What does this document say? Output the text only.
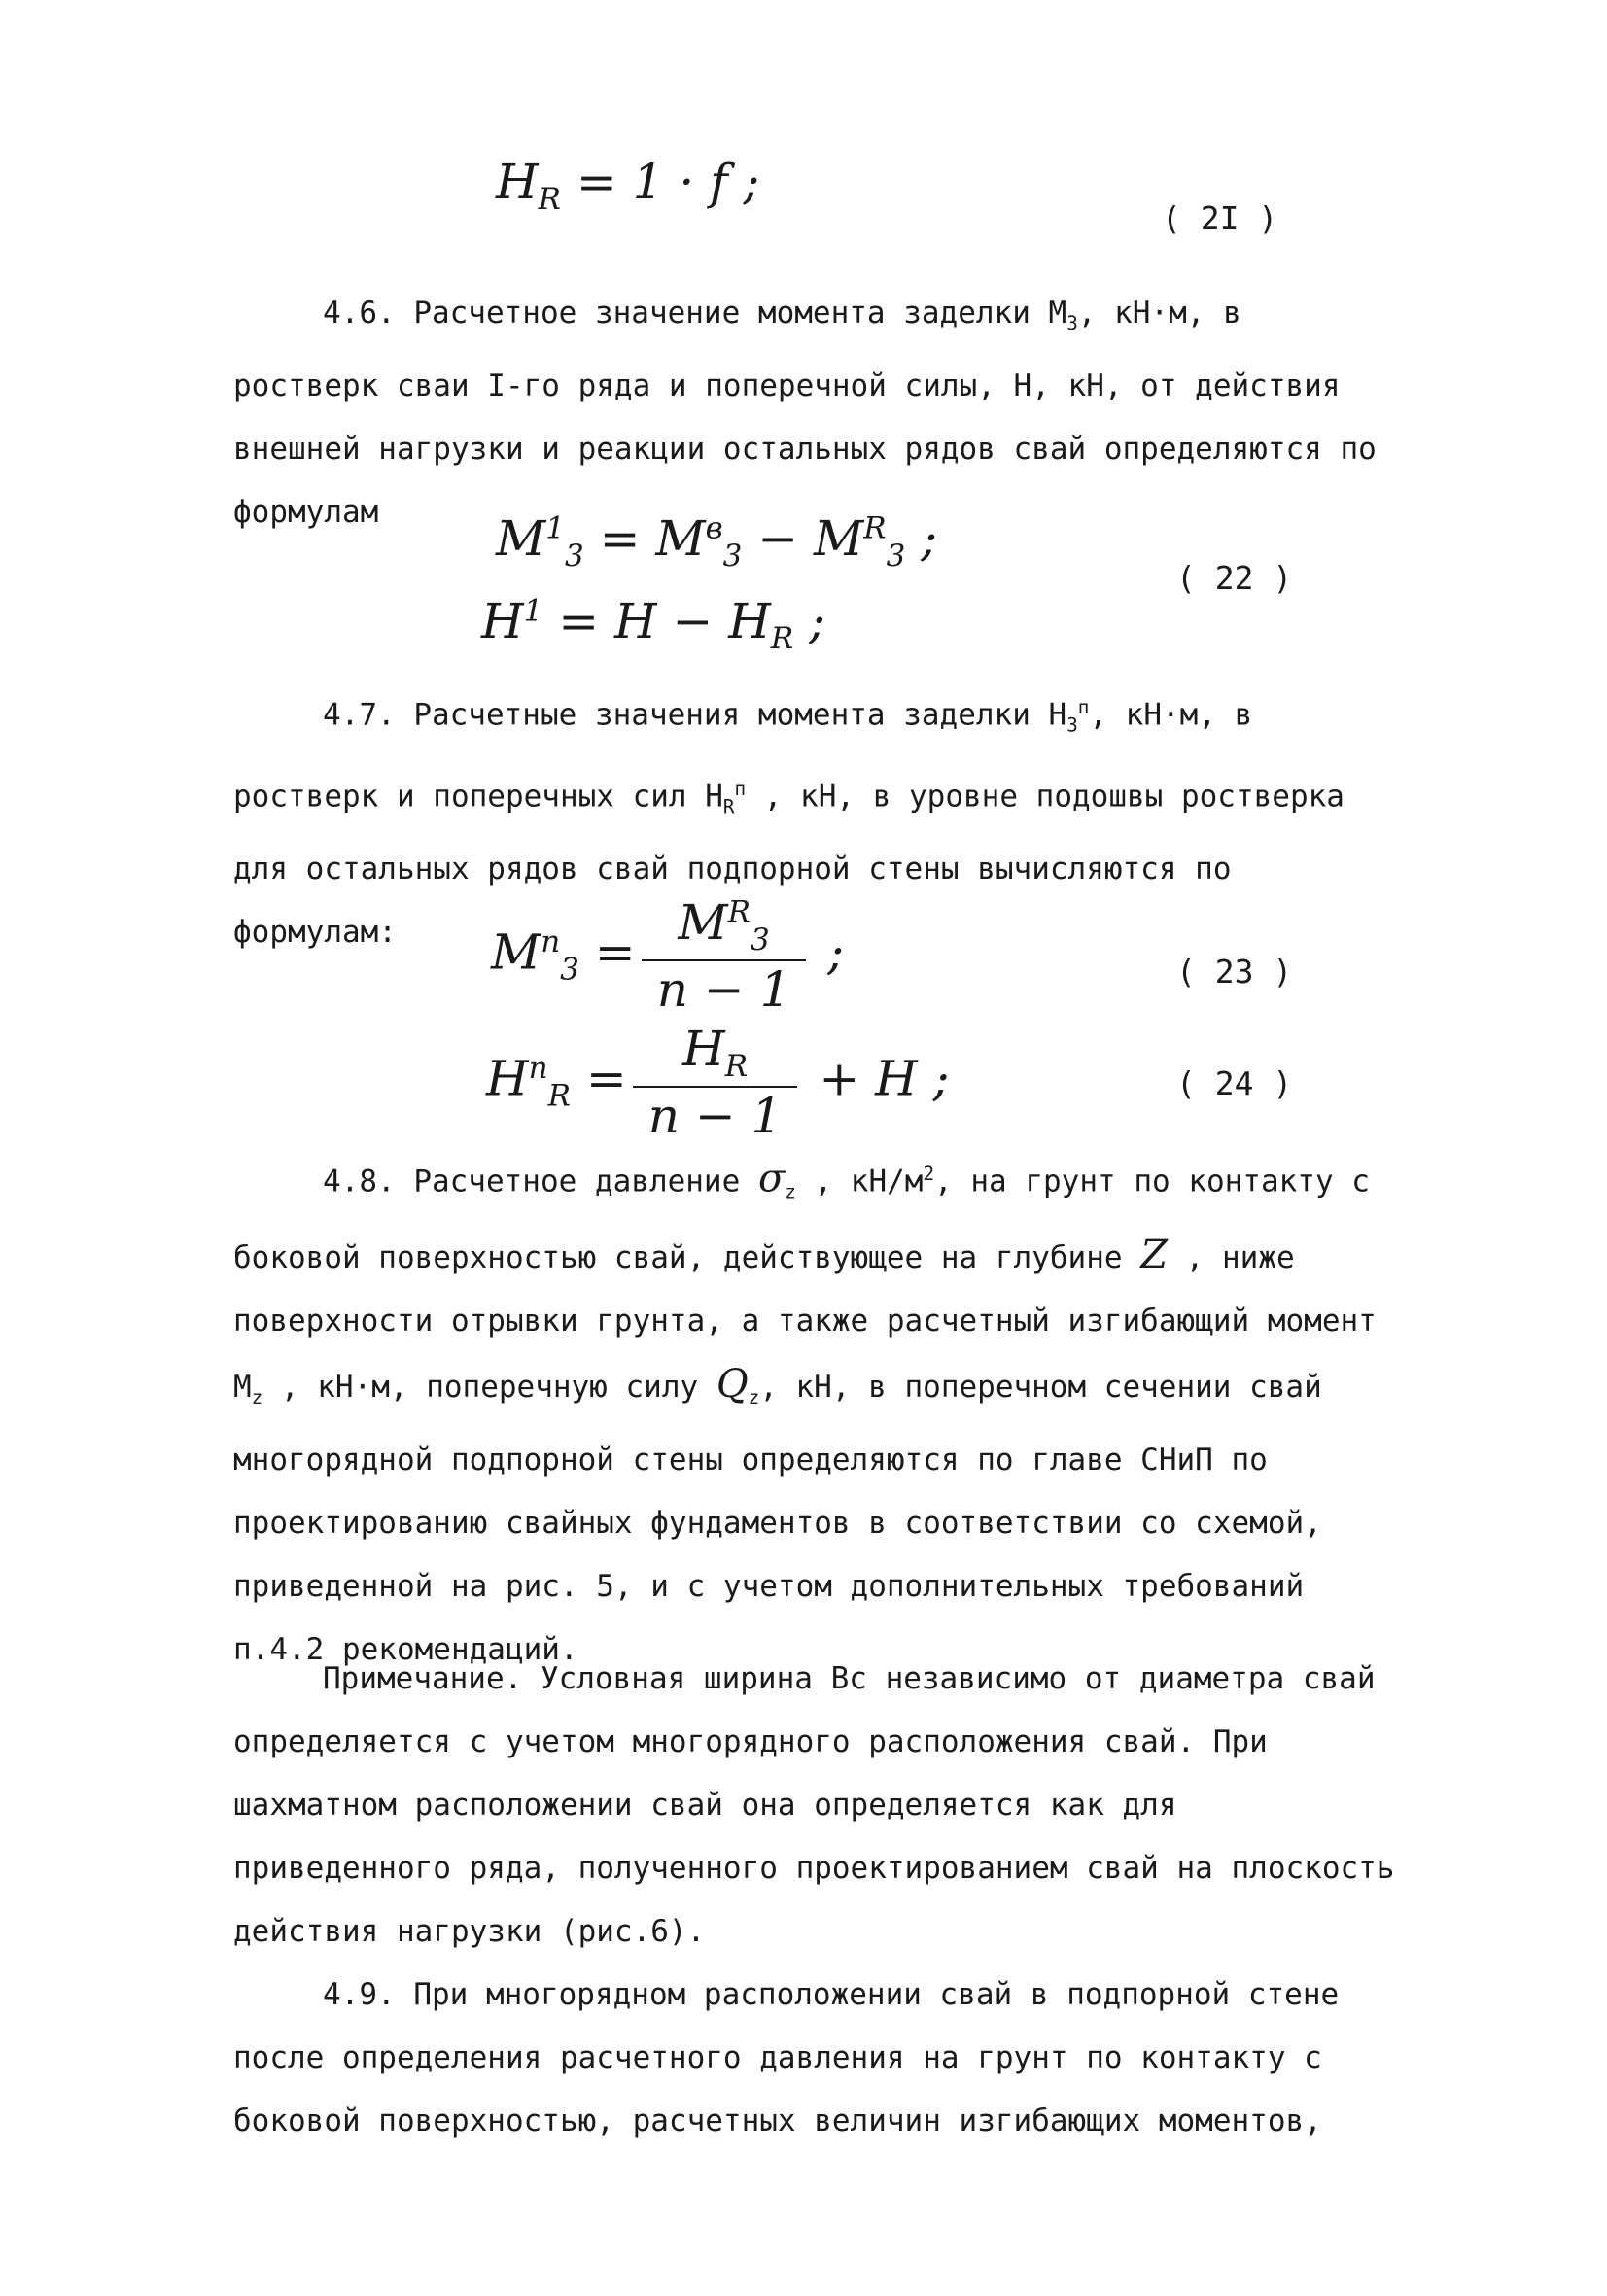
$H_R = 1 \cdot f$ ;
( 2I )

4.6. Расчетное значение момента заделки $М_З$, кН·м, в ростверк сваи I-го ряда и поперечной силы, Н, кН, от действия внешней нагрузки и реакции остальных рядов свай определяются по формулам	$M^1_3 = M^в_3 - M^R_3$ ;
$H^1 = H - H_R$ ;
( 22 )

4.7. Расчетные значения момента заделки $Н_З^п$, кН·м, в ростверк и поперечных сил $Н_R^п$ , кН, в уровне подошвы ростверка для остальных рядов свай подпорной стены вычисляются по формулам:	$M^n_3 = \frac{M^R_3}{n - 1}$ ;	( 23 )
$H^n_R = \frac{H_R}{n - 1} + H$ ;	( 24 )

4.8. Расчетное давление $\sigma_z$ , $кН/м^2$, на грунт по контакту с боковой поверхностью свай, действующее на глубине Z , ниже поверхности отрывки грунта, а также расчетный изгибающий момент $М_z$ , кН·м, поперечную силу $Q_z$, кН, в поперечном сечении свай многорядной подпорной стены определяются по главе СНиП по проектированию свайных фундаментов в соответствии со схемой, приведенной на рис. 5, и с учетом дополнительных требований п.4.2 рекомендаций.

Примечание. Условная ширина Вс независимо от диаметра свай определяется с учетом многорядного расположения свай. При шахматном расположении свай она определяется как для приведенного ряда, полученного проектированием свай на плоскость действия нагрузки (рис.6).

4.9. При многорядном расположении свай в подпорной стене после определения расчетного давления на грунт по контакту с боковой поверхностью, расчетных величин изгибающих моментов,
